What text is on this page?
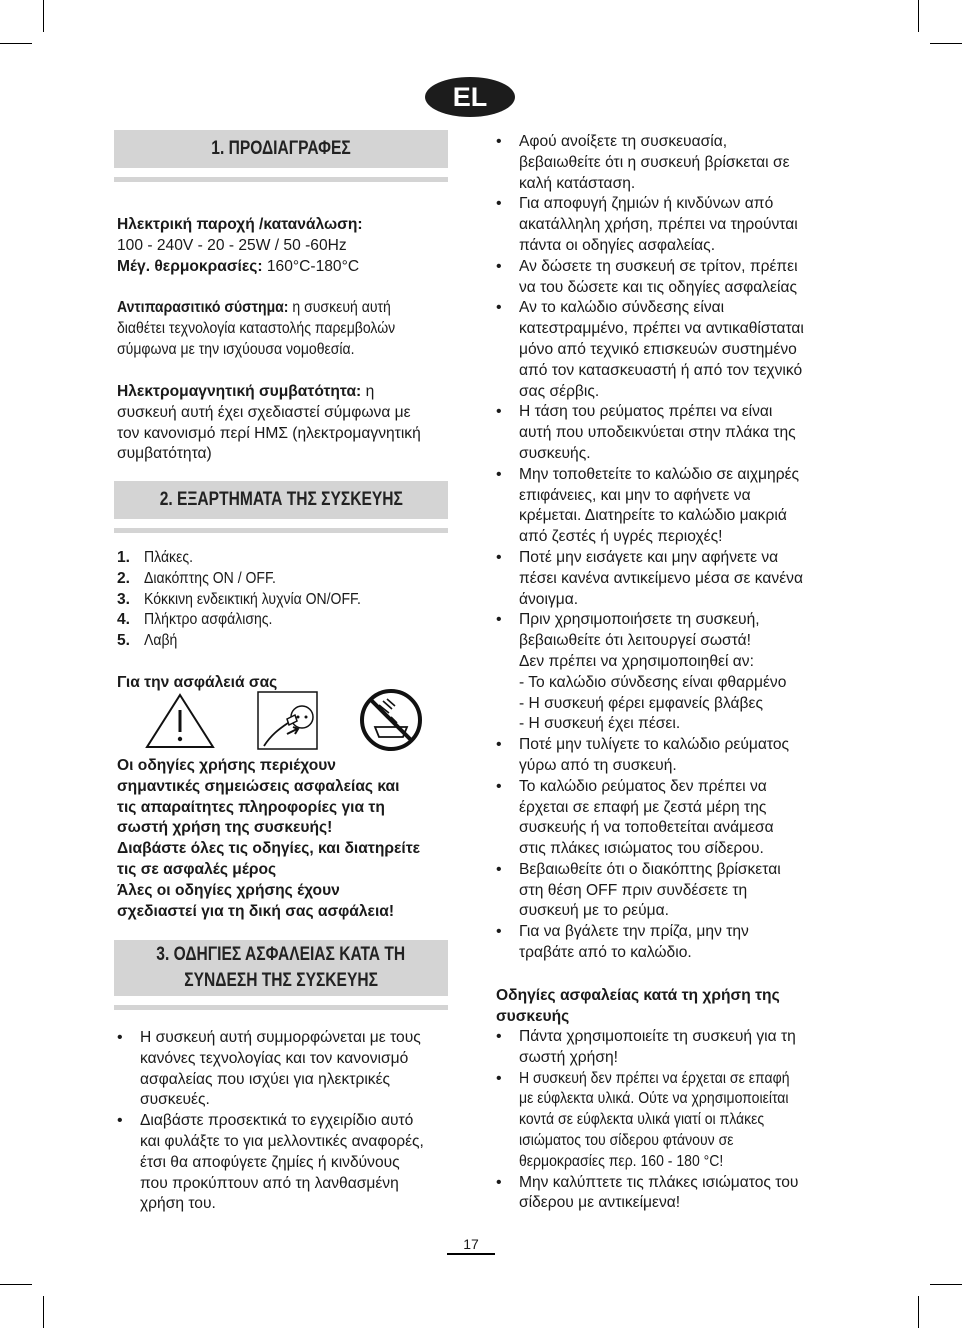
EL
1. ΠΡΟΔΙΑΓΡΑΦΕΣ
Ηλεκτρική παροχή /κατανάλωση:
100 - 240V - 20 - 25W / 50 -60Hz
Μέγ. θερμοκρασίες: 160°C-180°C
Αντιπαρασιτικό σύστημα: η συσκευή αυτή
διαθέτει τεχνολογία καταστολής παρεμβολών
σύμφωνα με την ισχύουσα νομοθεσία.
Ηλεκτρομαγνητική συμβατότητα: η
συσκευή αυτή έχει σχεδιαστεί σύμφωνα με
τον κανονισμό περί ΗΜΣ (ηλεκτρομαγνητική
συμβατότητα)
2. ΕΞΑΡΤΗΜΑΤΑ ΤΗΣ ΣΥΣΚΕΥΗΣ
1. Πλάκες.
2. Διακόπτης ON / OFF.
3. Κόκκινη ενδεικτική λυχνία ON/OFF.
4. Πλήκτρο ασφάλισης.
5. Λαβή
Για την ασφάλειά σας
Οι οδηγίες χρήσης περιέχουν
σημαντικές σημειώσεις ασφαλείας και
τις απαραίτητες πληροφορίες για τη
σωστή χρήση της συσκευής!
Διαβάστε όλες τις οδηγίες, και διατηρείτε
τις σε ασφαλές μέρος
Άλες οι οδηγίες χρήσης έχουν
σχεδιαστεί για τη δική σας ασφάλεια!
3. ΟΔΗΓΙΕΣ ΑΣΦΑΛΕΙΑΣ ΚΑΤΑ ΤΗ
ΣΥΝΔΕΣΗ ΤΗΣ ΣΥΣΚΕΥΗΣ
• Η συσκευή αυτή συμμορφώνεται με τους
κανόνες τεχνολογίας και τον κανονισμό
ασφαλείας που ισχύει για ηλεκτρικές
συσκευές.
• Διαβάστε προσεκτικά το εγχειρίδιο αυτό
και φυλάξτε το για μελλοντικές αναφορές,
έτσι θα αποφύγετε ζημίες ή κινδύνους
που προκύπτουν από τη λανθασμένη
χρήση του.
• Αφού ανοίξετε τη συσκευασία,
βεβαιωθείτε ότι η συσκευή βρίσκεται σε
καλή κατάσταση.
• Για αποφυγή ζημιών ή κινδύνων από
ακατάλληλη χρήση, πρέπει να τηρούνται
πάντα οι οδηγίες ασφαλείας.
• Αν δώσετε τη συσκευή σε τρίτον, πρέπει
να του δώσετε και τις οδηγίες ασφαλείας
• Αν το καλώδιο σύνδεσης είναι
κατεστραμμένο, πρέπει να αντικαθίσταται
μόνο από τεχνικό επισκευών συστημένο
από τον κατασκευαστή ή από τον τεχνικό
σας σέρβις.
• Η τάση του ρεύματος πρέπει να είναι
αυτή που υποδεικνύεται στην πλάκα της
συσκευής.
• Μην τοποθετείτε το καλώδιο σε αιχμηρές
επιφάνειες, και μην το αφήνετε να
κρέμεται. Διατηρείτε το καλώδιο μακριά
από ζεστές ή υγρές περιοχές!
• Ποτέ μην εισάγετε και μην αφήνετε να
πέσει κανένα αντικείμενο μέσα σε κανένα
άνοιγμα.
• Πριν χρησιμοποιήσετε τη συσκευή,
βεβαιωθείτε ότι λειτουργεί σωστά!
Δεν πρέπει να χρησιμοποιηθεί αν:
- Το καλώδιο σύνδεσης είναι φθαρμένο
- Η συσκευή φέρει εμφανείς βλάβες
- Η συσκευή έχει πέσει.
• Ποτέ μην τυλίγετε το καλώδιο ρεύματος
γύρω από τη συσκευή.
• Το καλώδιο ρεύματος δεν πρέπει να
έρχεται σε επαφή με ζεστά μέρη της
συσκευής ή να τοποθετείται ανάμεσα
στις πλάκες ισιώματος του σίδερου.
• Βεβαιωθείτε ότι ο διακόπτης βρίσκεται
στη θέση OFF πριν συνδέσετε τη
συσκευή με το ρεύμα.
• Για να βγάλετε την πρίζα, μην την
τραβάτε από το καλώδιο.
Οδηγίες ασφαλείας κατά τη χρήση της
συσκευής
• Πάντα χρησιμοποιείτε τη συσκευή για τη
σωστή χρήση!
• Η συσκευή δεν πρέπει να έρχεται σε επαφή
με εύφλεκτα υλικά. Ούτε να χρησιμοποιείται
κοντά σε εύφλεκτα υλικά γιατί οι πλάκες
ισιώματος του σίδερου φτάνουν σε
θερμοκρασίες περ. 160 - 180 °C!
• Μην καλύπτετε τις πλάκες ισιώματος του
σίδερου με αντικείμενα!
17
